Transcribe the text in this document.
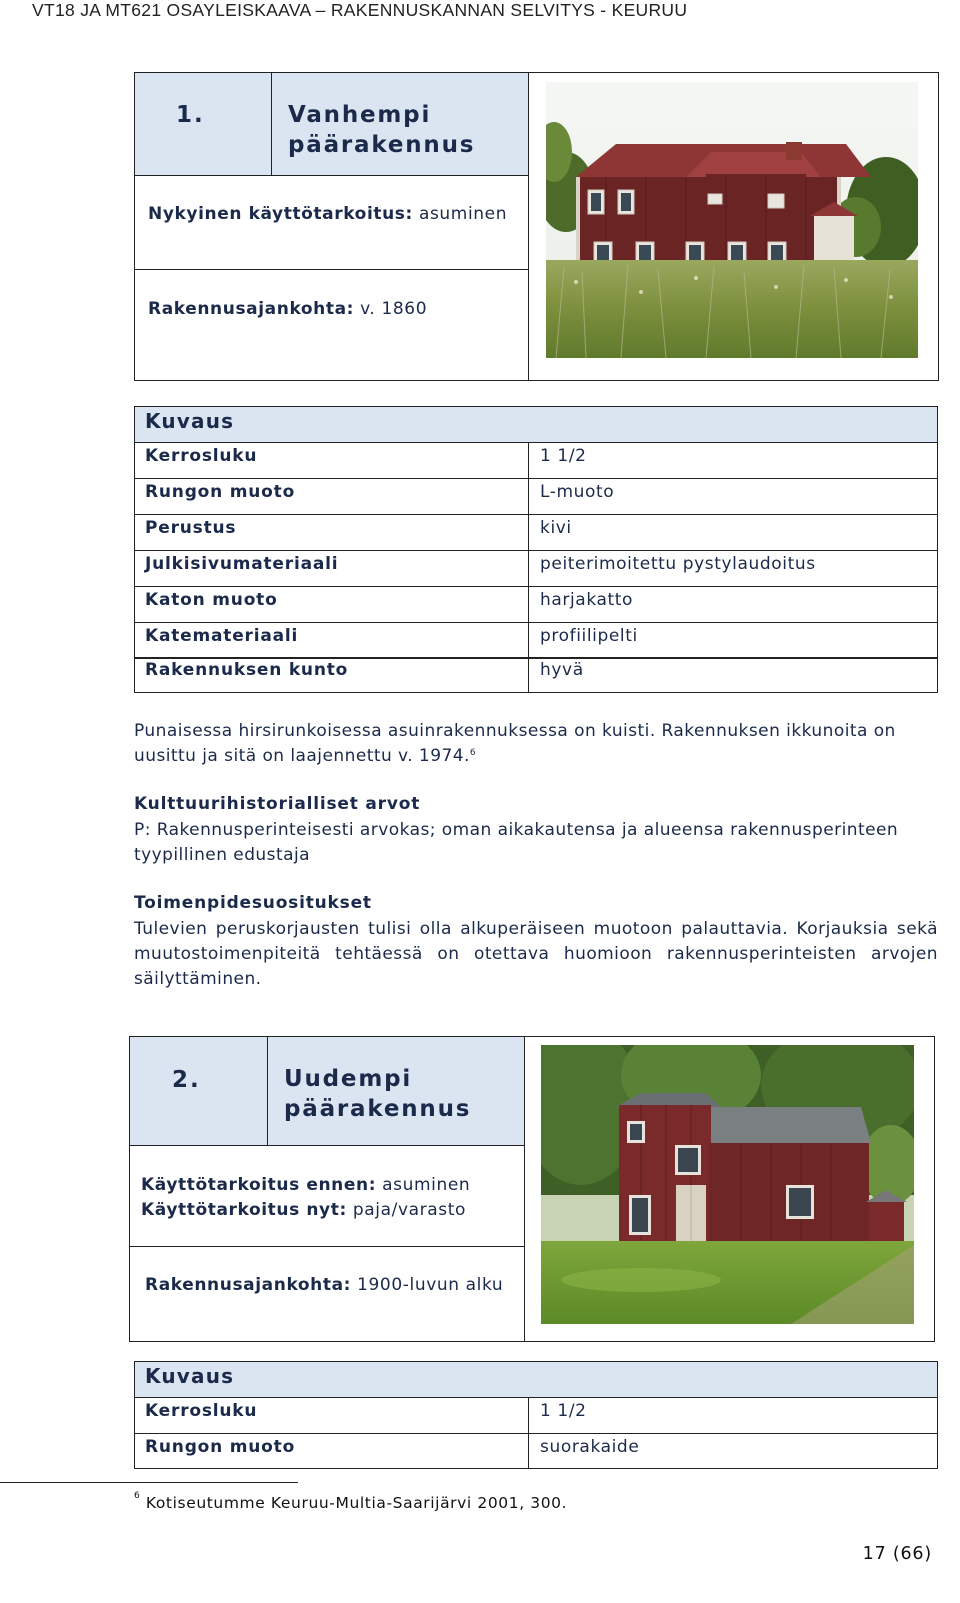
VT18 JA MT621 OSAYLEISKAAVA – RAKENNUSKANNAN SELVITYS - KEURUU
1.	Vanhempi
päärakennus
Nykyinen käyttötarkoitus: asuminen
Rakennusajankohta: v. 1860
Kuvaus
Kerrosluku	1 1/2
Rungon muoto	L-muoto
Perustus	kivi
Julkisivumateriaali	peiterimoitettu pystylaudoitus
Katon muoto	harjakatto
Katemateriaali	profiilipelti
Rakennuksen kunto	hyvä
Punaisessa hirsirunkoisessa asuinrakennuksessa on kuisti. Rakennuksen ikkunoita on uusittu ja sitä on laajennettu v. 1974.$^6$
Kulttuurihistorialliset arvot
P: Rakennusperinteisesti arvokas; oman aikakautensa ja alueensa rakennusperinteen tyypillinen edustaja
Toimenpidesuositukset
Tulevien peruskorjausten tulisi olla alkuperäiseen muotoon palauttavia. Korjauksia sekä muutostoimenpiteitä tehtäessä on otettava huomioon rakennusperinteisten arvojen säilyttäminen.
2.	Uudempi
päärakennus
Käyttötarkoitus ennen: asuminen
Käyttötarkoitus nyt: paja/varasto
Rakennusajankohta: 1900-luvun alku
Kuvaus
Kerrosluku	1 1/2
Rungon muoto	suorakaide
$^6$ Kotiseutumme Keuruu-Multia-Saarijärvi 2001, 300.
17 (66)
